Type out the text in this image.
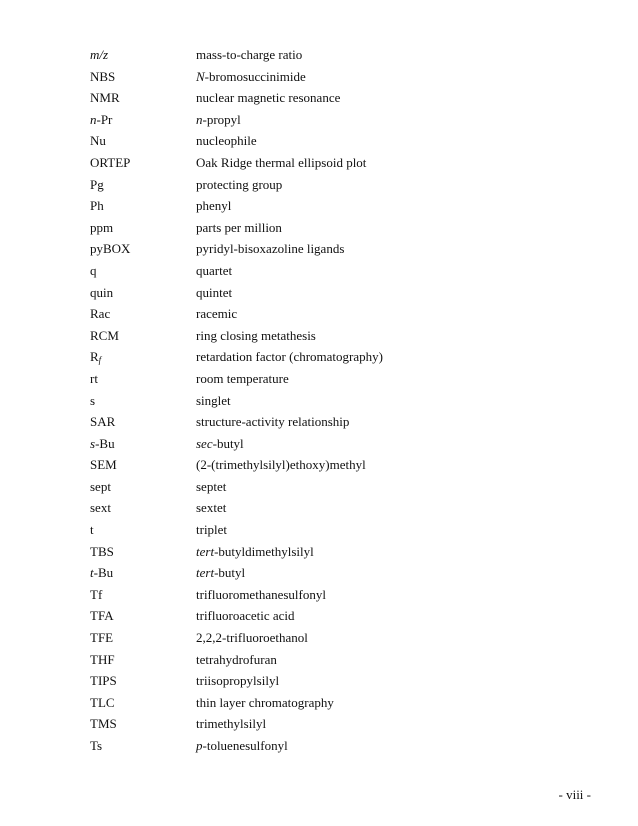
m/z	mass-to-charge ratio
NBS	N-bromosuccinimide
NMR	nuclear magnetic resonance
n-Pr	n-propyl
Nu	nucleophile
ORTEP	Oak Ridge thermal ellipsoid plot
Pg	protecting group
Ph	phenyl
ppm	parts per million
pyBOX	pyridyl-bisoxazoline ligands
q	quartet
quin	quintet
Rac	racemic
RCM	ring closing metathesis
$R_f$	retardation factor (chromatography)
rt	room temperature
s	singlet
SAR	structure-activity relationship
s-Bu	sec-butyl
SEM	(2-(trimethylsilyl)ethoxy)methyl
sept	septet
sext	sextet
t	triplet
TBS	tert-butyldimethylsilyl
t-Bu	tert-butyl
Tf	trifluoromethanesulfonyl
TFA	trifluoroacetic acid
TFE	2,2,2-trifluoroethanol
THF	tetrahydrofuran
TIPS	triisopropylsilyl
TLC	thin layer chromatography
TMS	trimethylsilyl
Ts	p-toluenesulfonyl
- viii -
